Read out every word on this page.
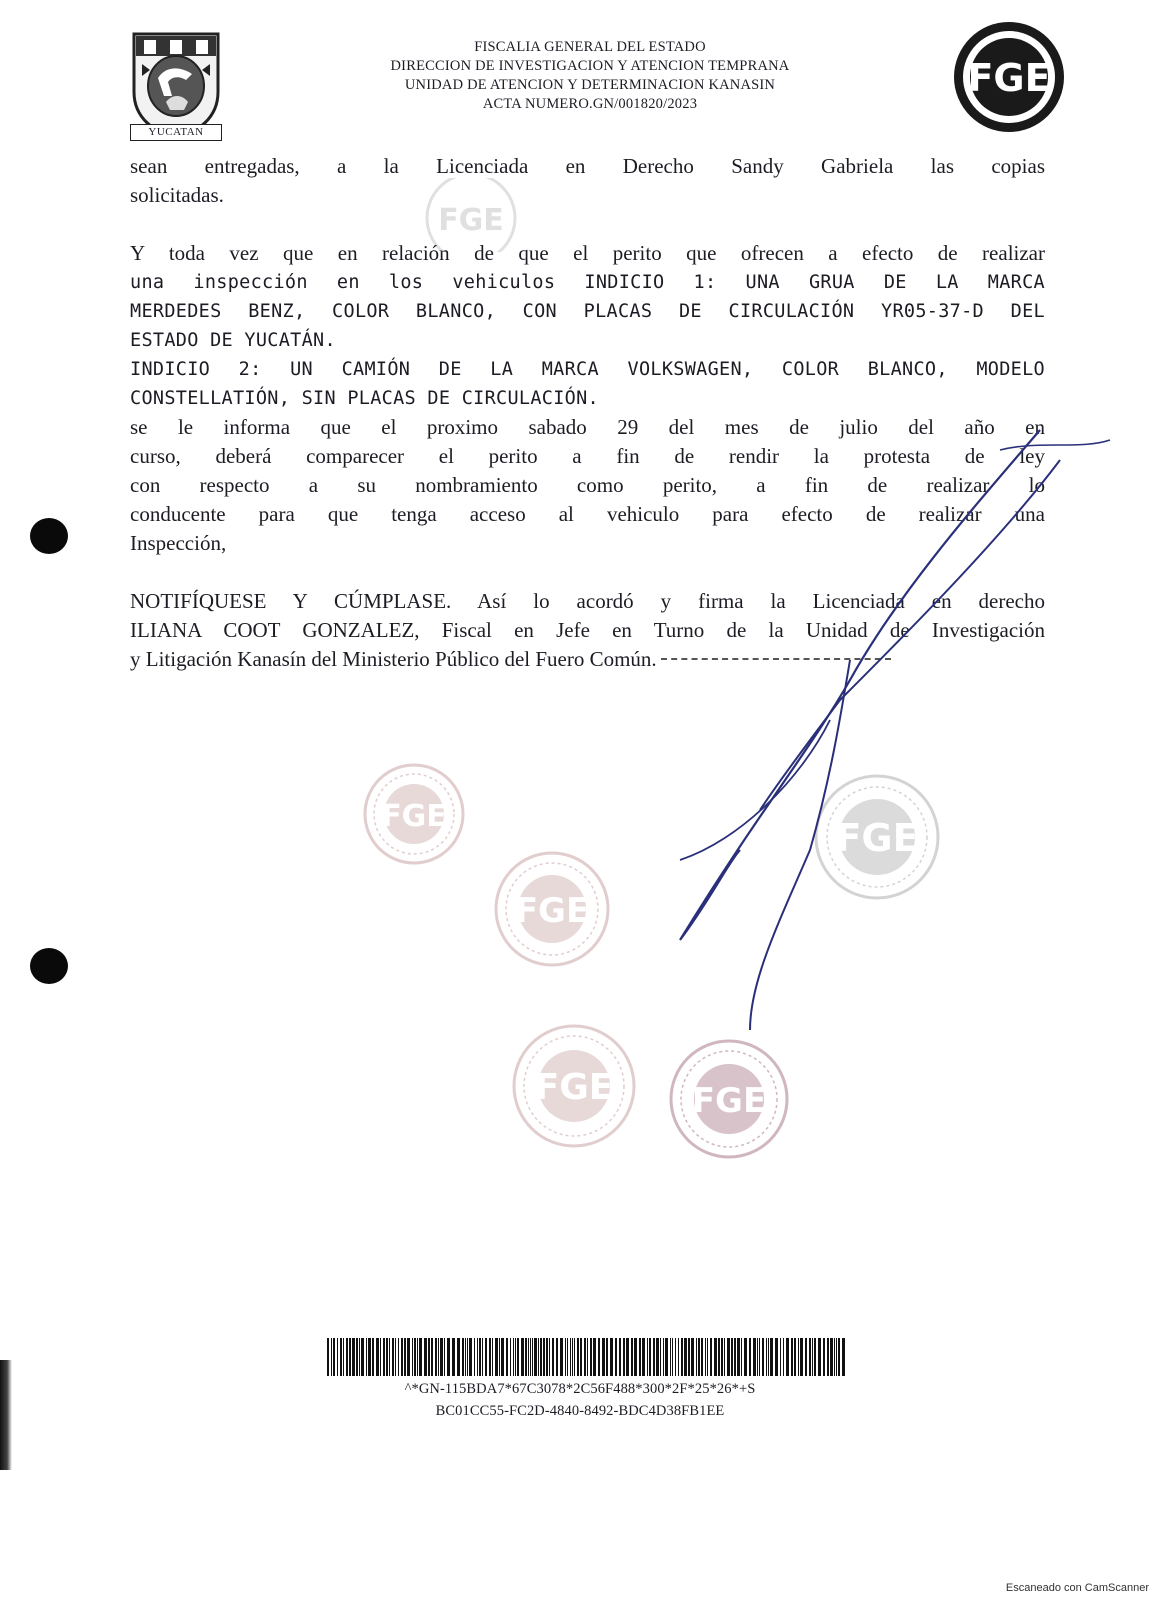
YUCATAN
FISCALIA GENERAL DEL ESTADO
DIRECCION DE INVESTIGACION Y ATENCION TEMPRANA
UNIDAD DE ATENCION Y DETERMINACION KANASIN
ACTA NUMERO.GN/001820/2023
FGE
sean entregadas, a la Licenciada en Derecho Sandy Gabriela las copias
solicitadas.
Y toda vez que en relación de que el perito que ofrecen a efecto de realizar
una inspección en los vehiculos INDICIO 1: UNA GRUA DE LA MARCA
MERDEDES BENZ, COLOR BLANCO, CON PLACAS DE CIRCULACIÓN YR05-37-D DEL
ESTADO DE YUCATÁN.
INDICIO 2: UN CAMIÓN DE LA MARCA VOLKSWAGEN, COLOR BLANCO, MODELO
CONSTELLATIÓN, SIN PLACAS DE CIRCULACIÓN.
se le informa que el proximo sabado 29 del mes de julio del año en
curso, deberá comparecer el perito a fin de rendir la protesta de ley
con respecto a su nombramiento como perito, a fin de realizar lo
conducente para que tenga acceso al vehiculo para efecto de realizar una
Inspección,
NOTIFÍQUESE Y CÚMPLASE. Así lo acordó y firma la Licenciada en derecho
ILIANA COOT GONZALEZ, Fiscal en Jefe en Turno de la Unidad de Investigación
y Litigación Kanasín del Ministerio Público del Fuero Común.
FGE
FGE
FGE
FGE
FGE FGE
^*GN-115BDA7*67C3078*2C56F488*300*2F*25*26*+S
BC01CC55-FC2D-4840-8492-BDC4D38FB1EE
Escaneado con CamScanner
